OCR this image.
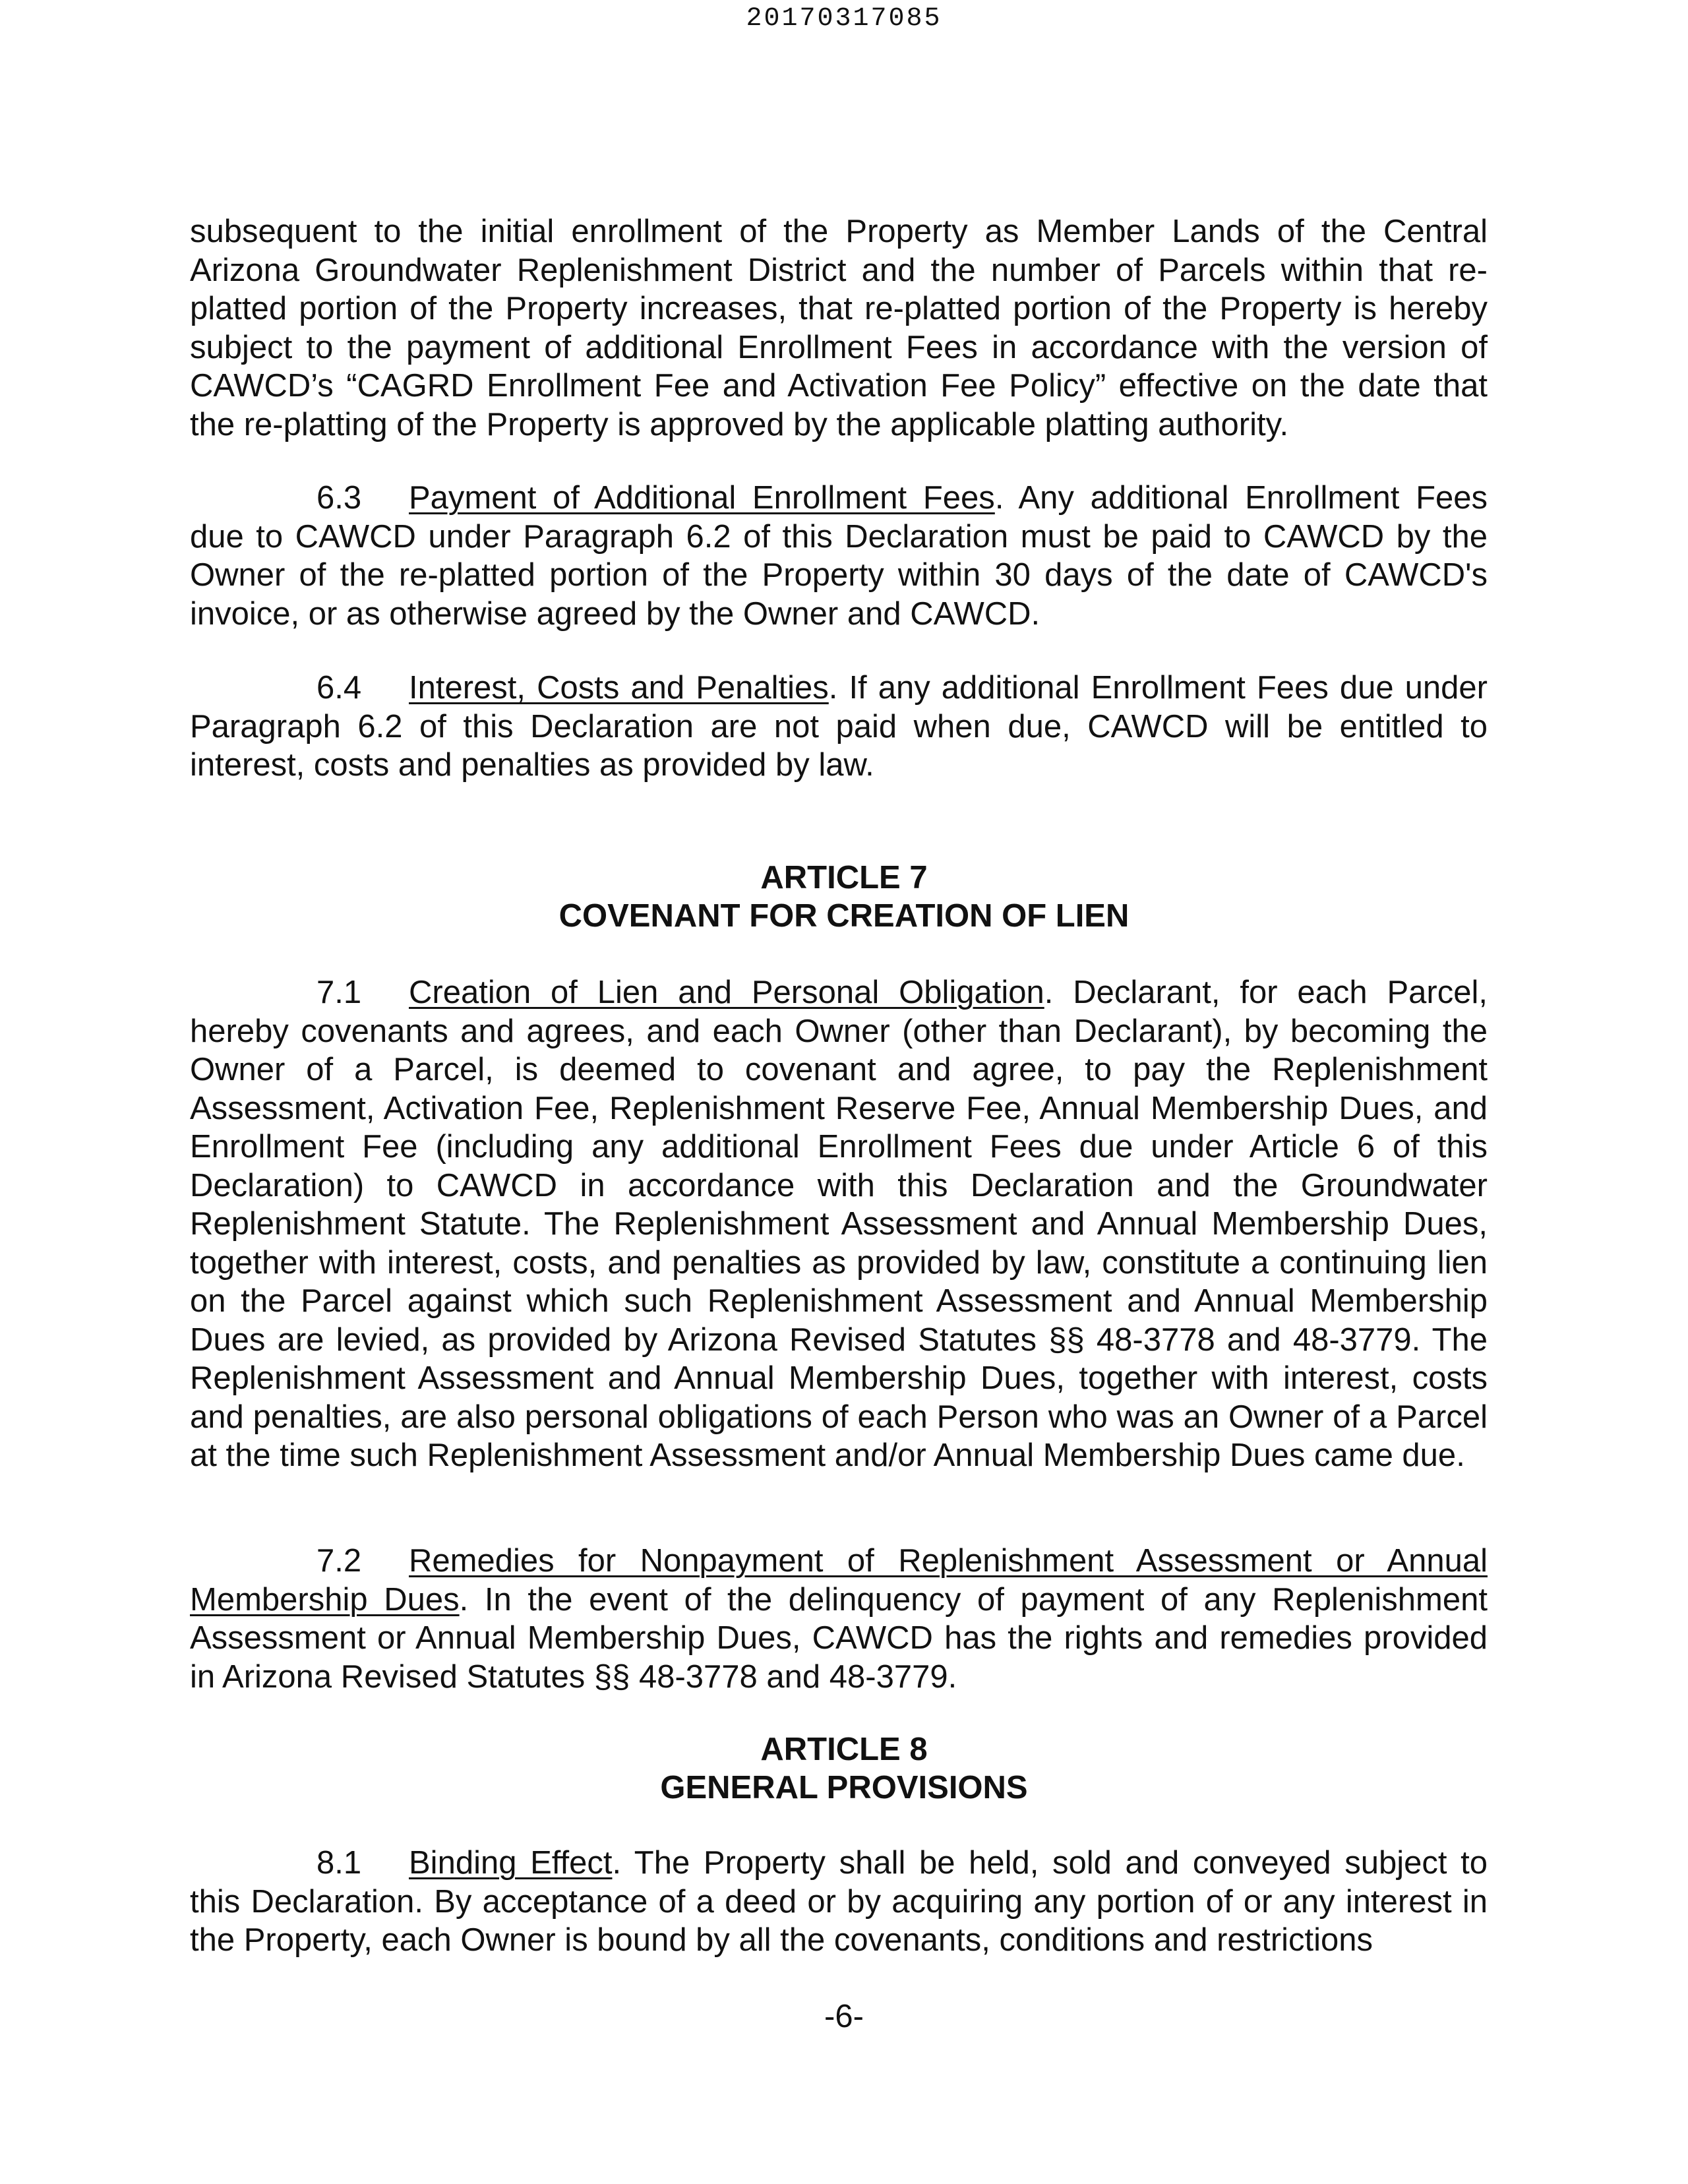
20170317085

subsequent to the initial enrollment of the Property as Member Lands of the Central Arizona Groundwater Replenishment District and the number of Parcels within that re-platted portion of the Property increases, that re-platted portion of the Property is hereby subject to the payment of additional Enrollment Fees in accordance with the version of CAWCD’s “CAGRD Enrollment Fee and Activation Fee Policy” effective on the date that the re-platting of the Property is approved by the applicable platting authority.

6.3 Payment of Additional Enrollment Fees. Any additional Enrollment Fees due to CAWCD under Paragraph 6.2 of this Declaration must be paid to CAWCD by the Owner of the re-platted portion of the Property within 30 days of the date of CAWCD's invoice, or as otherwise agreed by the Owner and CAWCD.

6.4 Interest, Costs and Penalties. If any additional Enrollment Fees due under Paragraph 6.2 of this Declaration are not paid when due, CAWCD will be entitled to interest, costs and penalties as provided by law.

ARTICLE 7
COVENANT FOR CREATION OF LIEN

7.1 Creation of Lien and Personal Obligation. Declarant, for each Parcel, hereby covenants and agrees, and each Owner (other than Declarant), by becoming the Owner of a Parcel, is deemed to covenant and agree, to pay the Replenishment Assessment, Activation Fee, Replenishment Reserve Fee, Annual Membership Dues, and Enrollment Fee (including any additional Enrollment Fees due under Article 6 of this Declaration) to CAWCD in accordance with this Declaration and the Groundwater Replenishment Statute. The Replenishment Assessment and Annual Membership Dues, together with interest, costs, and penalties as provided by law, constitute a continuing lien on the Parcel against which such Replenishment Assessment and Annual Membership Dues are levied, as provided by Arizona Revised Statutes §§ 48-3778 and 48-3779. The Replenishment Assessment and Annual Membership Dues, together with interest, costs and penalties, are also personal obligations of each Person who was an Owner of a Parcel at the time such Replenishment Assessment and/or Annual Membership Dues came due.

7.2 Remedies for Nonpayment of Replenishment Assessment or Annual Membership Dues. In the event of the delinquency of payment of any Replenishment Assessment or Annual Membership Dues, CAWCD has the rights and remedies provided in Arizona Revised Statutes §§ 48-3778 and 48-3779.

ARTICLE 8
GENERAL PROVISIONS

8.1 Binding Effect. The Property shall be held, sold and conveyed subject to this Declaration. By acceptance of a deed or by acquiring any portion of or any interest in the Property, each Owner is bound by all the covenants, conditions and restrictions

-6-
